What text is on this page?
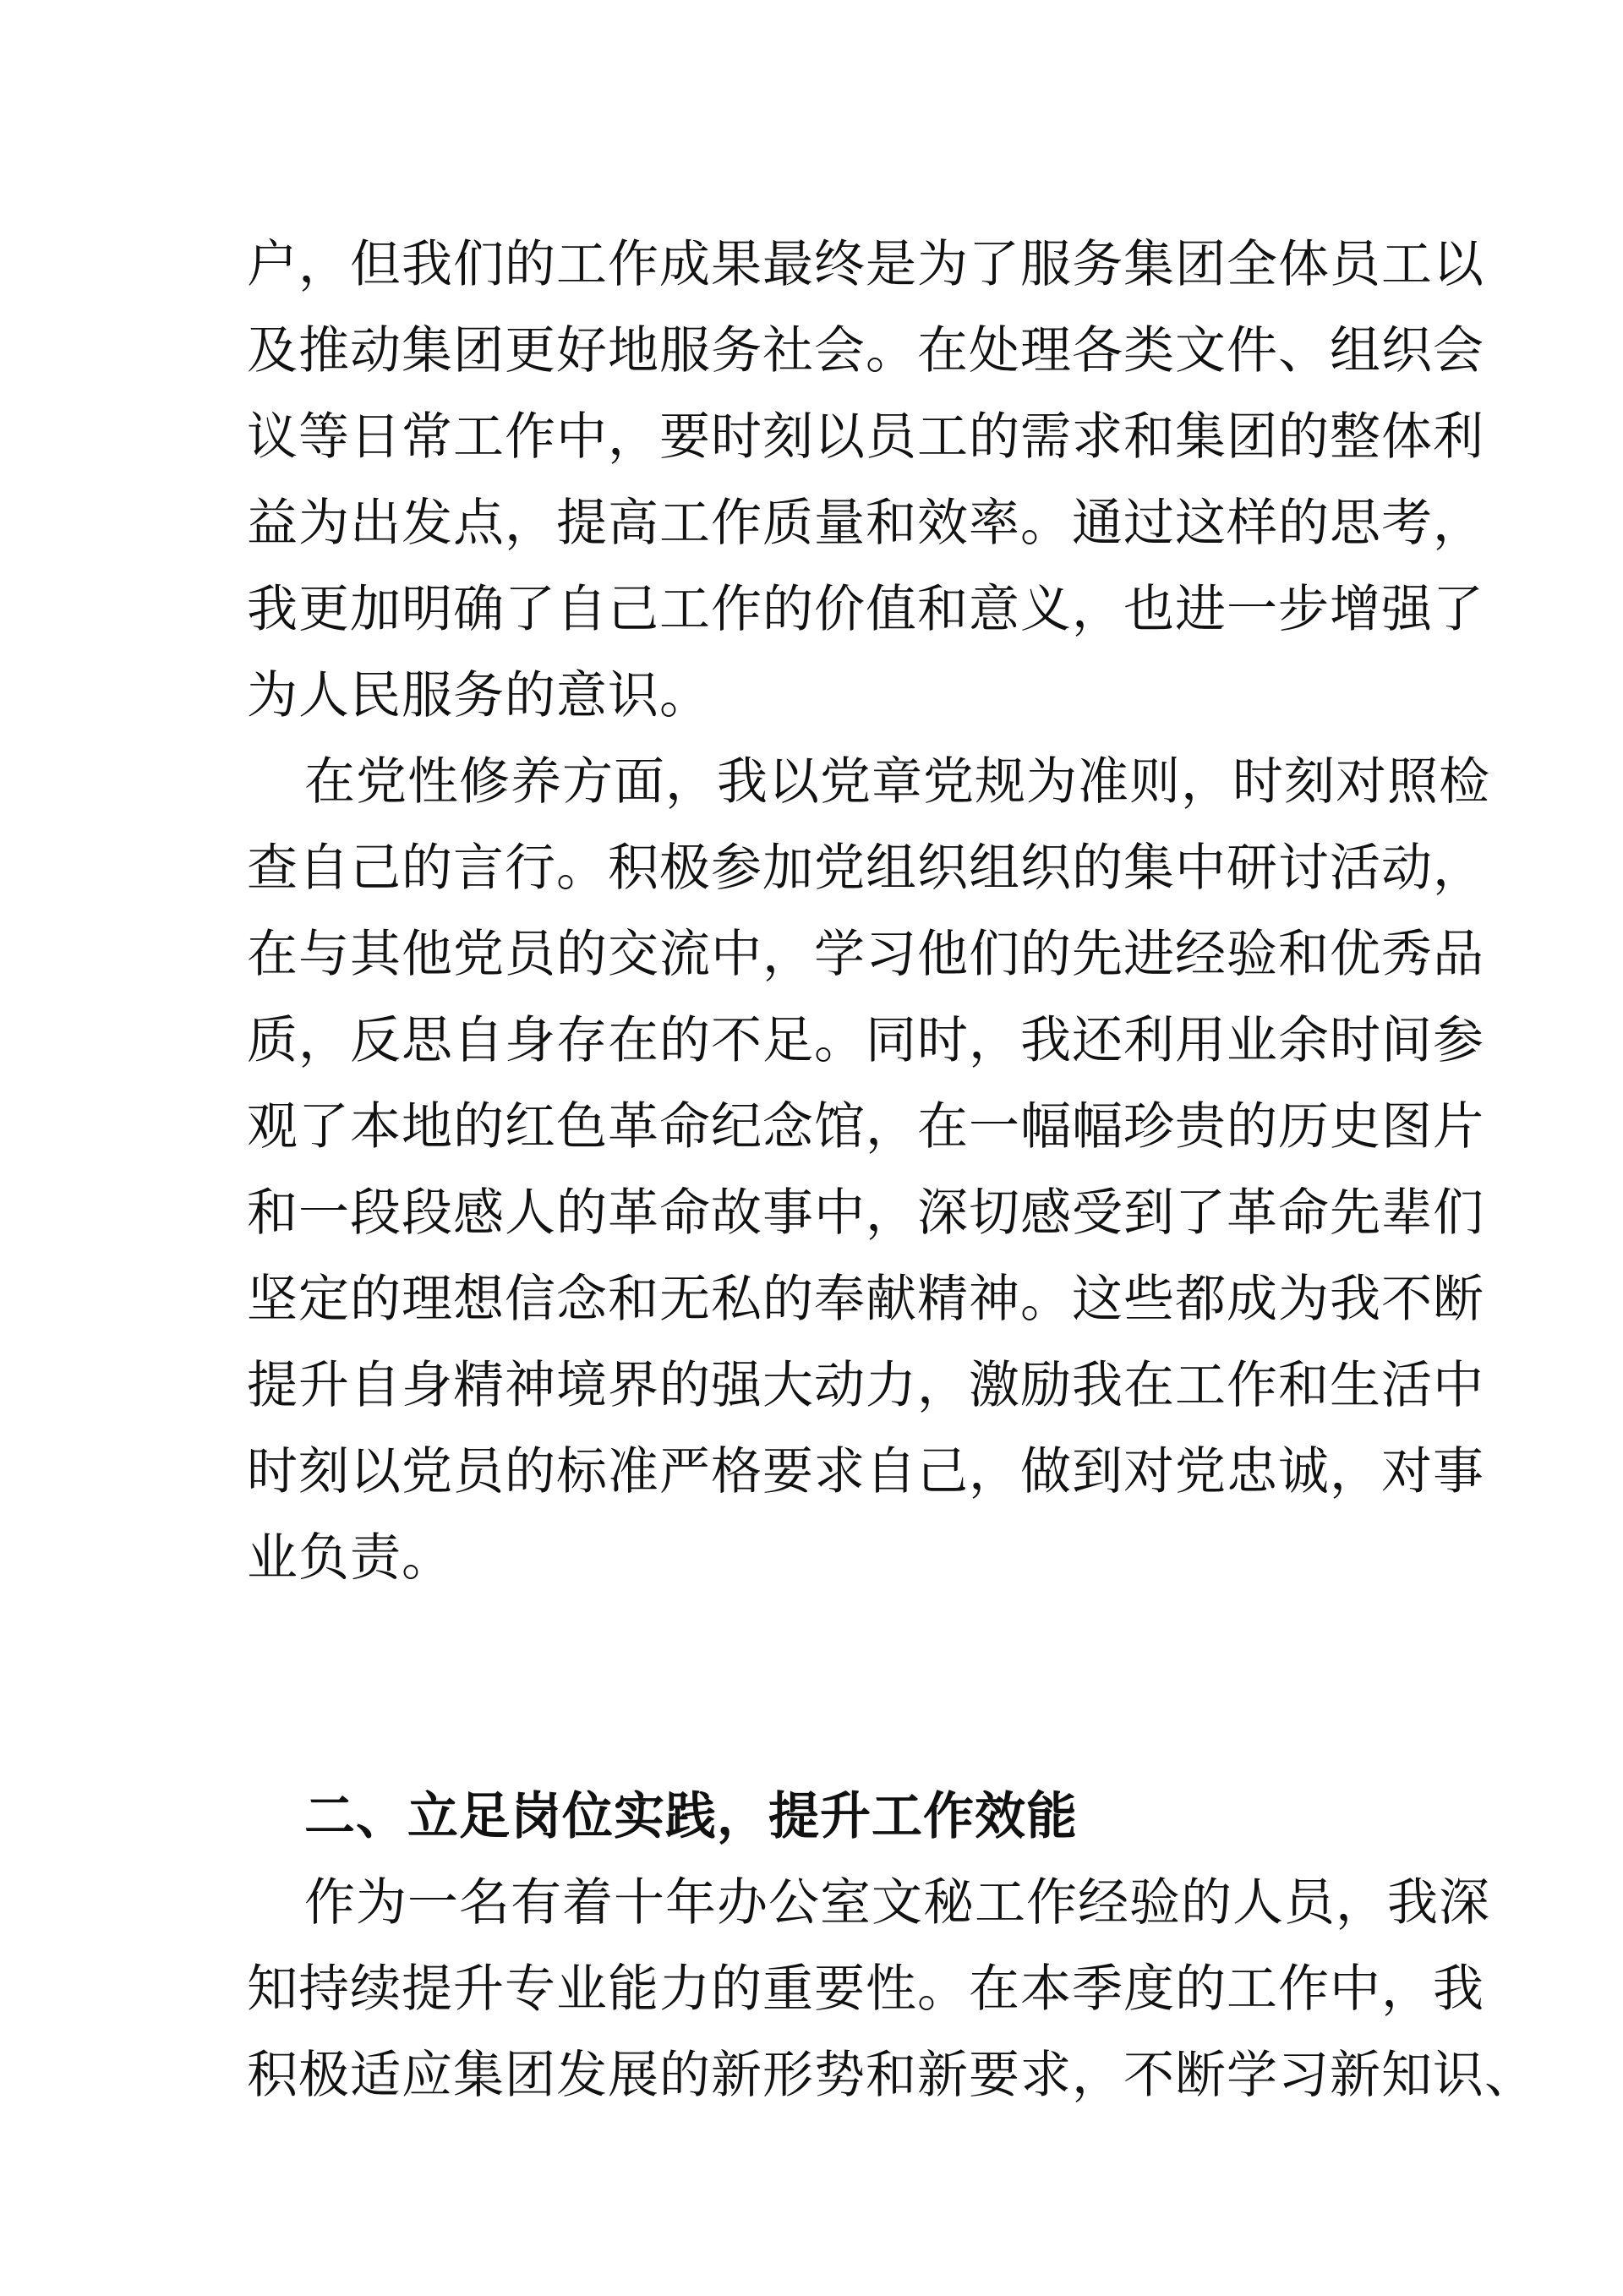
户，但我们的工作成果最终是为了服务集团全体员工以
及推动集团更好地服务社会。在处理各类文件、组织会
议等日常工作中，要时刻以员工的需求和集团的整体利
益为出发点，提高工作质量和效率。通过这样的思考，
我更加明确了自己工作的价值和意义，也进一步增强了
为人民服务的意识。
在党性修养方面，我以党章党规为准则，时刻对照检
查自己的言行。积极参加党组织组织的集中研讨活动，
在与其他党员的交流中，学习他们的先进经验和优秀品
质，反思自身存在的不足。同时，我还利用业余时间参
观了本地的红色革命纪念馆，在一幅幅珍贵的历史图片
和一段段感人的革命故事中，深切感受到了革命先辈们
坚定的理想信念和无私的奉献精神。这些都成为我不断
提升自身精神境界的强大动力，激励我在工作和生活中
时刻以党员的标准严格要求自己，做到对党忠诚，对事
业负责。
二、立足岗位实践，提升工作效能
作为一名有着十年办公室文秘工作经验的人员，我深
知持续提升专业能力的重要性。在本季度的工作中，我
积极适应集团发展的新形势和新要求，不断学习新知识、
